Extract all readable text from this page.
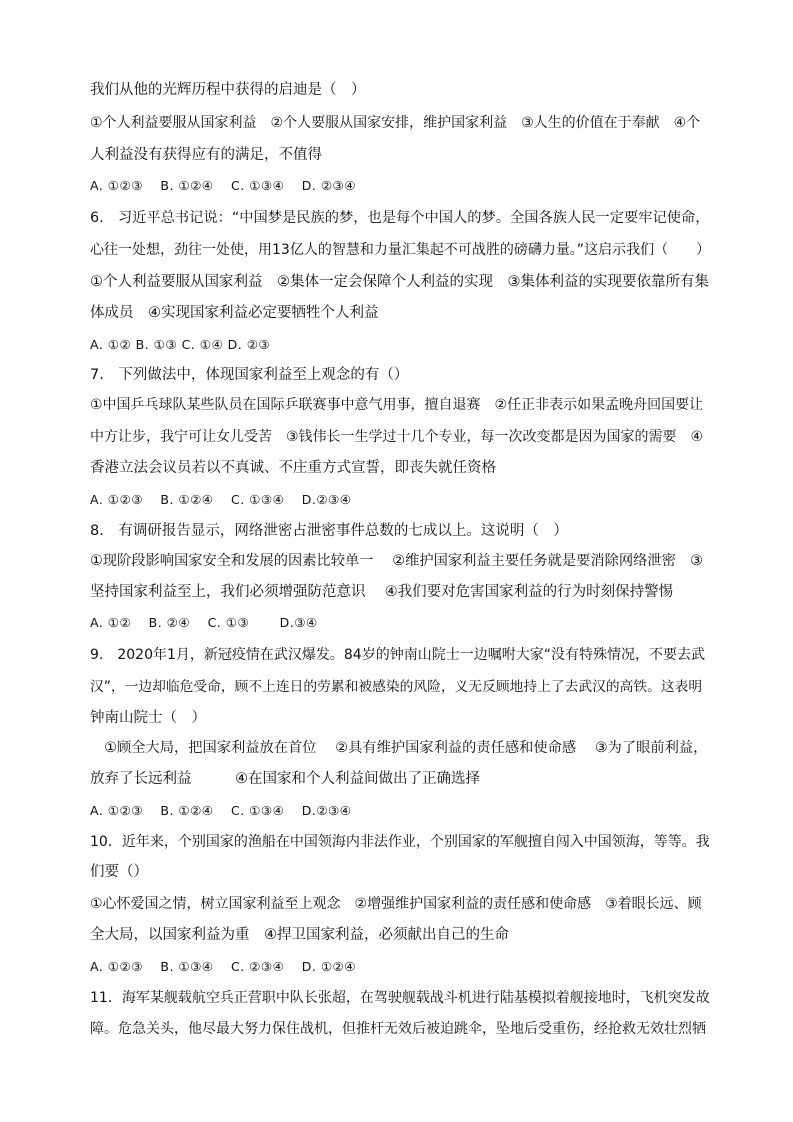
我们从他的光辉历程中获得的启迪是（　）
①个人利益要服从国家利益　②个人要服从国家安排，维护国家利益　③人生的价值在于奉献　④个
人利益没有获得应有的满足，不值得
A. ①②③　 B. ①②④　 C. ①③④　 D. ②③④
6.　习近平总书记说：“中国梦是民族的梦，也是每个中国人的梦。全国各族人民一定要牢记使命，
心往一处想，劲往一处使，用13亿人的智慧和力量汇集起不可战胜的磅礴力量。”这启示我们（　　）
①个人利益要服从国家利益　②集体一定会保障个人利益的实现　③集体利益的实现要依靠所有集
体成员　④实现国家利益必定要牺牲个人利益
A. ①② B. ①③ C. ①④ D. ②③
7.　下列做法中，体现国家利益至上观念的有（）
①中国乒乓球队某些队员在国际乒联赛事中意气用事，擅自退赛　②任正非表示如果孟晚舟回国要让
中方让步，我宁可让女儿受苦　③钱伟长一生学过十几个专业，每一次改变都是因为国家的需要　④
香港立法会议员若以不真诚、不庄重方式宣誓，即丧失就任资格
A. ①②③　 B. ①②④　 C. ①③④　 D.②③④
8.　有调研报告显示，网络泄密占泄密事件总数的七成以上。这说明（　）
①现阶段影响国家安全和发展的因素比较单一　 ②维护国家利益主要任务就是要消除网络泄密　③
坚持国家利益至上，我们必须增强防范意识　 ④我们要对危害国家利益的行为时刻保持警惕
A. ①②　 B. ②④　 C. ①③　　 D.③④
9.　2020年1月，新冠疫情在武汉爆发。84岁的钟南山院士一边嘱咐大家“没有特殊情况，不要去武
汉”，一边却临危受命，顾不上连日的劳累和被感染的风险，义无反顾地持上了去武汉的高铁。这表明
钟南山院士（　）
　①顾全大局，把国家利益放在首位　 ②具有维护国家利益的责任感和使命感　 ③为了眼前利益，
放弃了长远利益　　　④在国家和个人利益间做出了正确选择
A. ①②③　 B. ①②④　 C. ①③④　 D.②③④
10．近年来，个别国家的渔船在中国领海内非法作业，个别国家的军舰擅自闯入中国领海，等等。我
们要（）
①心怀爱国之情，树立国家利益至上观念　②增强维护国家利益的责任感和使命感　③着眼长远、顾
全大局，以国家利益为重　④捍卫国家利益，必须献出自己的生命
A. ①②③　 B. ①③④　 C. ②③④　 D. ①②④
11．海军某舰载航空兵正营职中队长张超，在驾驶舰载战斗机进行陆基模拟着舰接地时，飞机突发故
障。危急关头，他尽最大努力保住战机，但推杆无效后被迫跳伞，坠地后受重伤，经抢救无效壮烈牺
